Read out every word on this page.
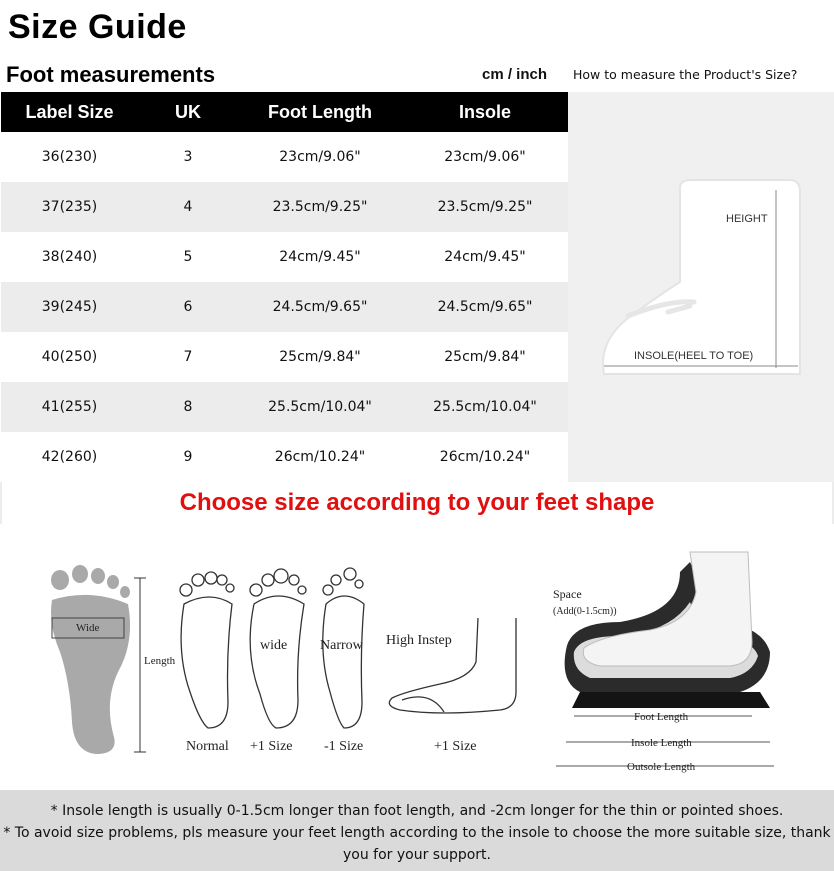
Size Guide
Foot measurements	cm / inch How to measure the Product's Size?
Label Size	UK	Foot Length	Insole
36(230)	3	23cm/9.06"	23cm/9.06"
37(235)	4	23.5cm/9.25"	23.5cm/9.25"
38(240)	5	24cm/9.45"	24cm/9.45"
39(245)	6	24.5cm/9.65"	24.5cm/9.65"
40(250)	7	25cm/9.84"	25cm/9.84"
41(255)	8	25.5cm/10.04"	25.5cm/10.04"
42(260)	9	26cm/10.24"	26cm/10.24"
HEIGHT
INSOLE(HEEL TO TOE)
Choose size according to your feet shape
Wide
Length
Normal
wide
+1 Size
Narrow
-1 Size
High Instep
+1 Size
Space
(Add(0-1.5cm))
Foot Length
Insole Length
Outsole Length

* Insole length is usually 0-1.5cm longer than foot length, and -2cm longer for the thin or pointed shoes.

* To avoid size problems, pls measure your feet length according to the insole to choose the more suitable size, thank you for your support.
